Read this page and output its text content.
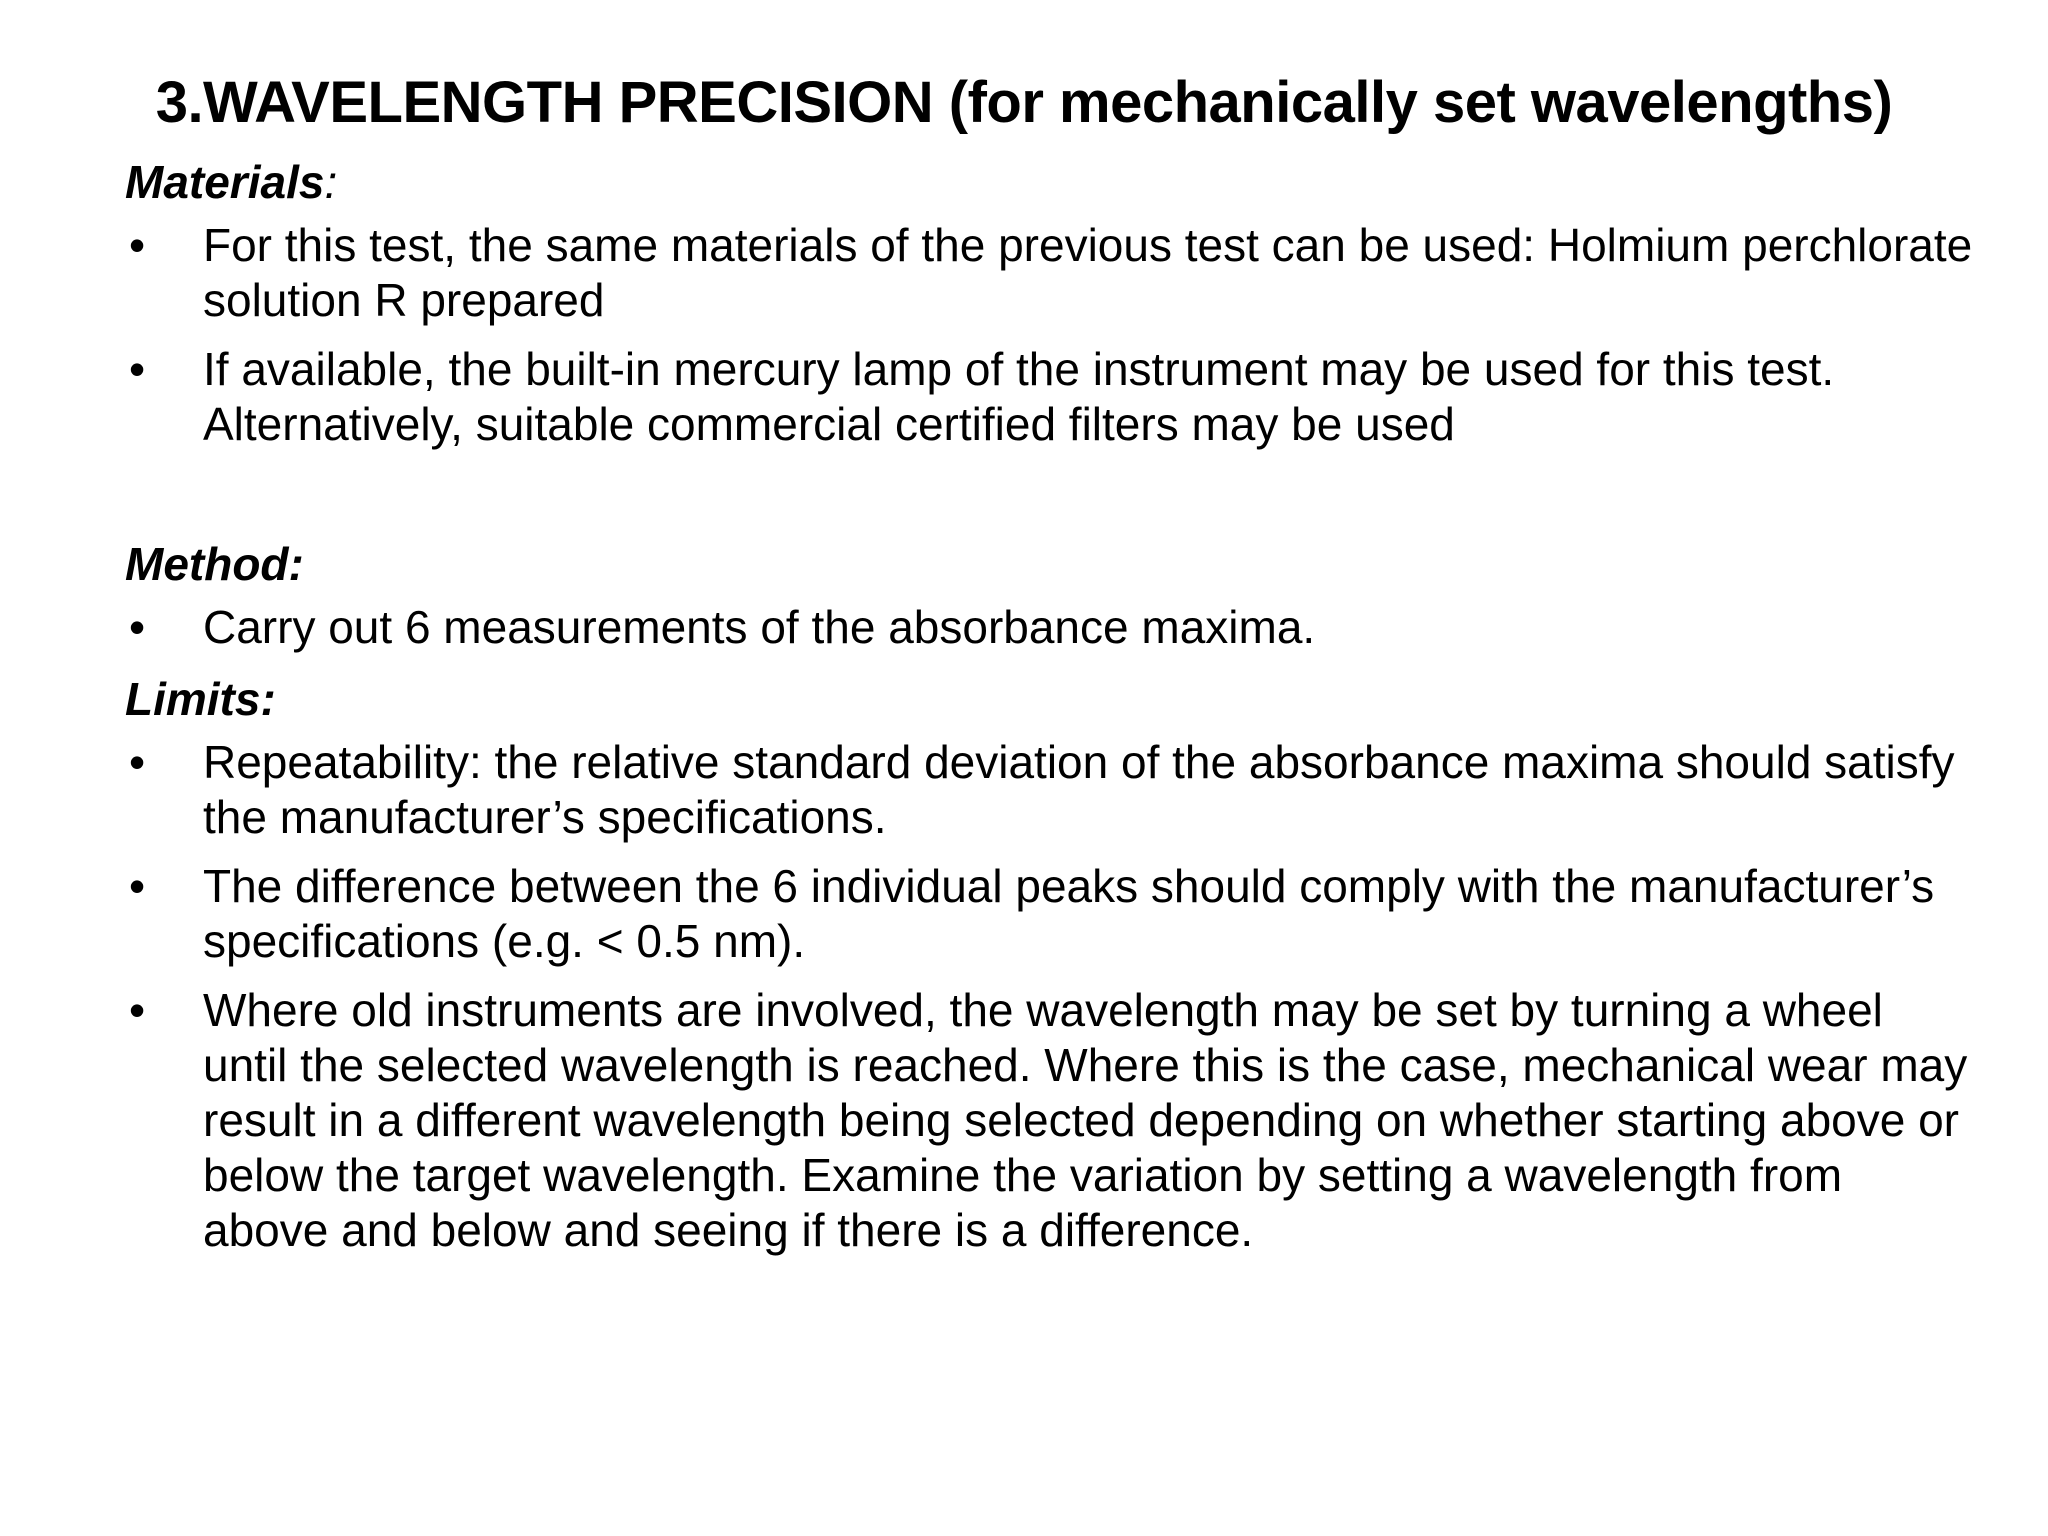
3.WAVELENGTH PRECISION (for mechanically set wavelengths)
Materials:
• For this test, the same materials of the previous test can be used: Holmium perchlorate solution R prepared
• If available, the built-in mercury lamp of the instrument may be used for this test. Alternatively, suitable commercial certified filters may be used
Method:
• Carry out 6 measurements of the absorbance maxima.
Limits:
• Repeatability: the relative standard deviation of the absorbance maxima should satisfy the manufacturer’s specifications.
• The difference between the 6 individual peaks should comply with the manufacturer’s specifications (e.g. < 0.5 nm).
• Where old instruments are involved, the wavelength may be set by turning a wheel until the selected wavelength is reached. Where this is the case, mechanical wear may result in a different wavelength being selected depending on whether starting above or below the target wavelength. Examine the variation by setting a wavelength from above and below and seeing if there is a difference.
